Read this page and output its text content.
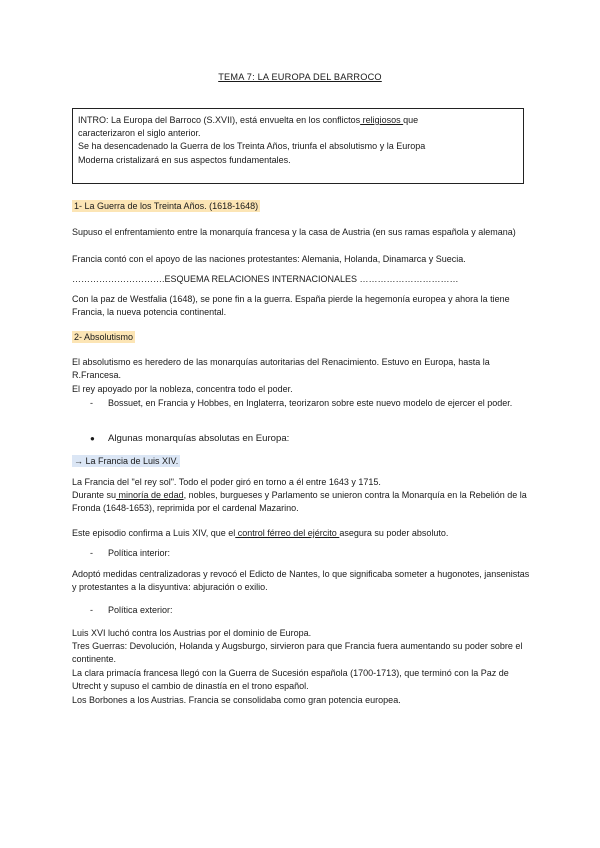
TEMA 7: LA EUROPA DEL BARROCO

INTRO: La Europa del Barroco (S.XVII), está envuelta en los conflictos religiosos que

caracterizaron el siglo anterior.

Se ha desencadenado la Guerra de los Treinta Años, triunfa el absolutismo y la Europa

Moderna cristalizará en sus aspectos fundamentales.

1- La Guerra de los Treinta Años. (1618-1648)

Supuso el enfrentamiento entre la monarquía francesa y la casa de Austria (en sus ramas española y alemana)

Francia contó con el apoyo de las naciones protestantes: Alemania, Holanda, Dinamarca y Suecia.

………………………….ESQUEMA RELACIONES INTERNACIONALES ……………………………

Con la paz de Westfalia (1648), se pone fin a la guerra. España pierde la hegemonía europea y ahora la tiene Francia, la nueva potencia continental.

2- Absolutismo

El absolutismo es heredero de las monarquías autoritarias del Renacimiento. Estuvo en Europa, hasta la R.Francesa.

El rey apoyado por la nobleza, concentra todo el poder.

-	Bossuet, en Francia y Hobbes, en Inglaterra, teorizaron sobre este nuevo modelo de ejercer el poder.
●	Algunas monarquías absolutas en Europa:

→ La Francia de Luis XIV.

La Francia del "el rey sol". Todo el poder giró en torno a él entre 1643 y 1715.

Durante su minoría de edad, nobles, burgueses y Parlamento se unieron contra la Monarquía en la Rebelión de la Fronda (1648-1653), reprimida por el cardenal Mazarino.

Este episodio confirma a Luis XIV, que el control férreo del ejército asegura su poder absoluto.

-	Política interior:

Adoptó medidas centralizadoras y revocó el Edicto de Nantes, lo que significaba someter a hugonotes, jansenistas y protestantes a la disyuntiva: abjuración o exilio.

-	Política exterior:

Luis XVI luchó contra los Austrias por el dominio de Europa.

Tres Guerras: Devolución, Holanda y Augsburgo, sirvieron para que Francia fuera aumentando su poder sobre el continente.

La clara primacía francesa llegó con la Guerra de Sucesión española (1700-1713), que terminó con la Paz de Utrecht y supuso el cambio de dinastía en el trono español.

Los Borbones a los Austrias. Francia se consolidaba como gran potencia europea.
